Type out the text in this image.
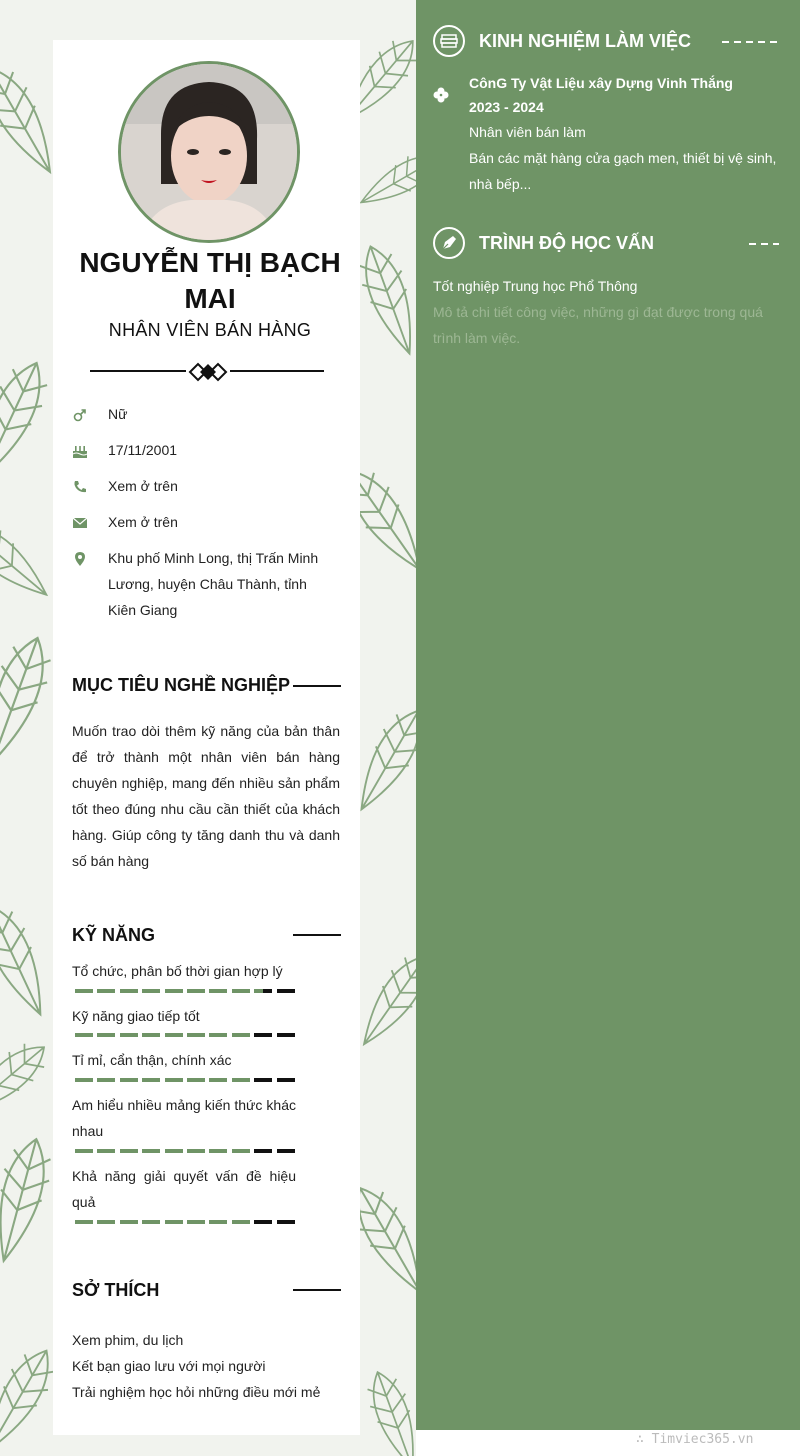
NGUYỄN THỊ BẠCH MAI
NHÂN VIÊN BÁN HÀNG
Nữ
17/11/2001
Xem ở trên
Xem ở trên
Khu phố Minh Long, thị Trấn Minh Lương, huyện Châu Thành, tỉnh Kiên Giang
MỤC TIÊU NGHỀ NGHIỆP
Muốn trao dòi thêm kỹ năng của bản thân để trở thành một nhân viên bán hàng chuyên nghiệp, mang đến nhiều sản phẩm tốt theo đúng nhu cầu cần thiết của khách hàng. Giúp công ty tăng danh thu và danh số bán hàng
KỸ NĂNG
Tổ chức, phân bố thời gian hợp lý
Kỹ năng giao tiếp tốt
Tỉ mỉ, cẩn thận, chính xác
Am hiểu nhiều mảng kiến thức khác nhau
Khả năng giải quyết vấn đề hiệu quả
SỞ THÍCH
Xem phim, du lịch
Kết bạn giao lưu với mọi người
Trải nghiệm học hỏi những điều mới mẻ
KINH NGHIỆM LÀM VIỆC
CônG Ty Vật Liệu xây Dựng Vinh Thắng
2023 - 2024
Nhân viên bán làm
Bán các mặt hàng cửa gạch men, thiết bị vệ sinh, nhà bếp...
TRÌNH ĐỘ HỌC VẤN
Tốt nghiệp Trung học Phổ Thông
Mô tả chi tiết công việc, những gì đạt được trong quá trình làm việc.
∴ Timviec365.vn
